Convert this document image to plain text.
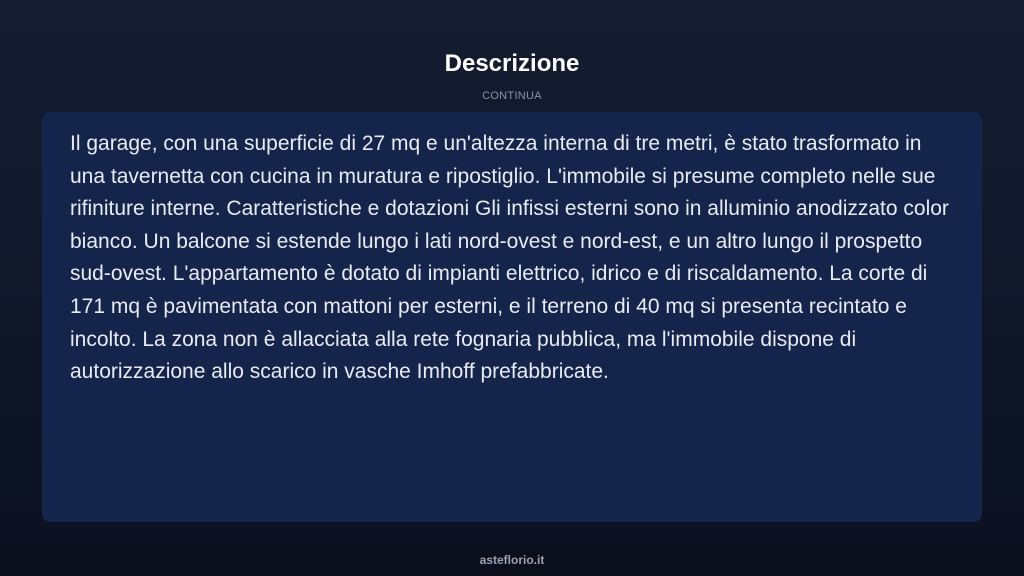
Descrizione
CONTINUA

Il garage, con una superficie di 27 mq e un'altezza interna di tre metri, è stato trasformato in una tavernetta con cucina in muratura e ripostiglio. L'immobile si presume completo nelle sue rifiniture interne. Caratteristiche e dotazioni Gli infissi esterni sono in alluminio anodizzato color bianco. Un balcone si estende lungo i lati nord-ovest e nord-est, e un altro lungo il prospetto sud-ovest. L'appartamento è dotato di impianti elettrico, idrico e di riscaldamento. La corte di 171 mq è pavimentata con mattoni per esterni, e il terreno di 40 mq si presenta recintato e incolto. La zona non è allacciata alla rete fognaria pubblica, ma l'immobile dispone di autorizzazione allo scarico in vasche Imhoff prefabbricate.

asteflorio.it
